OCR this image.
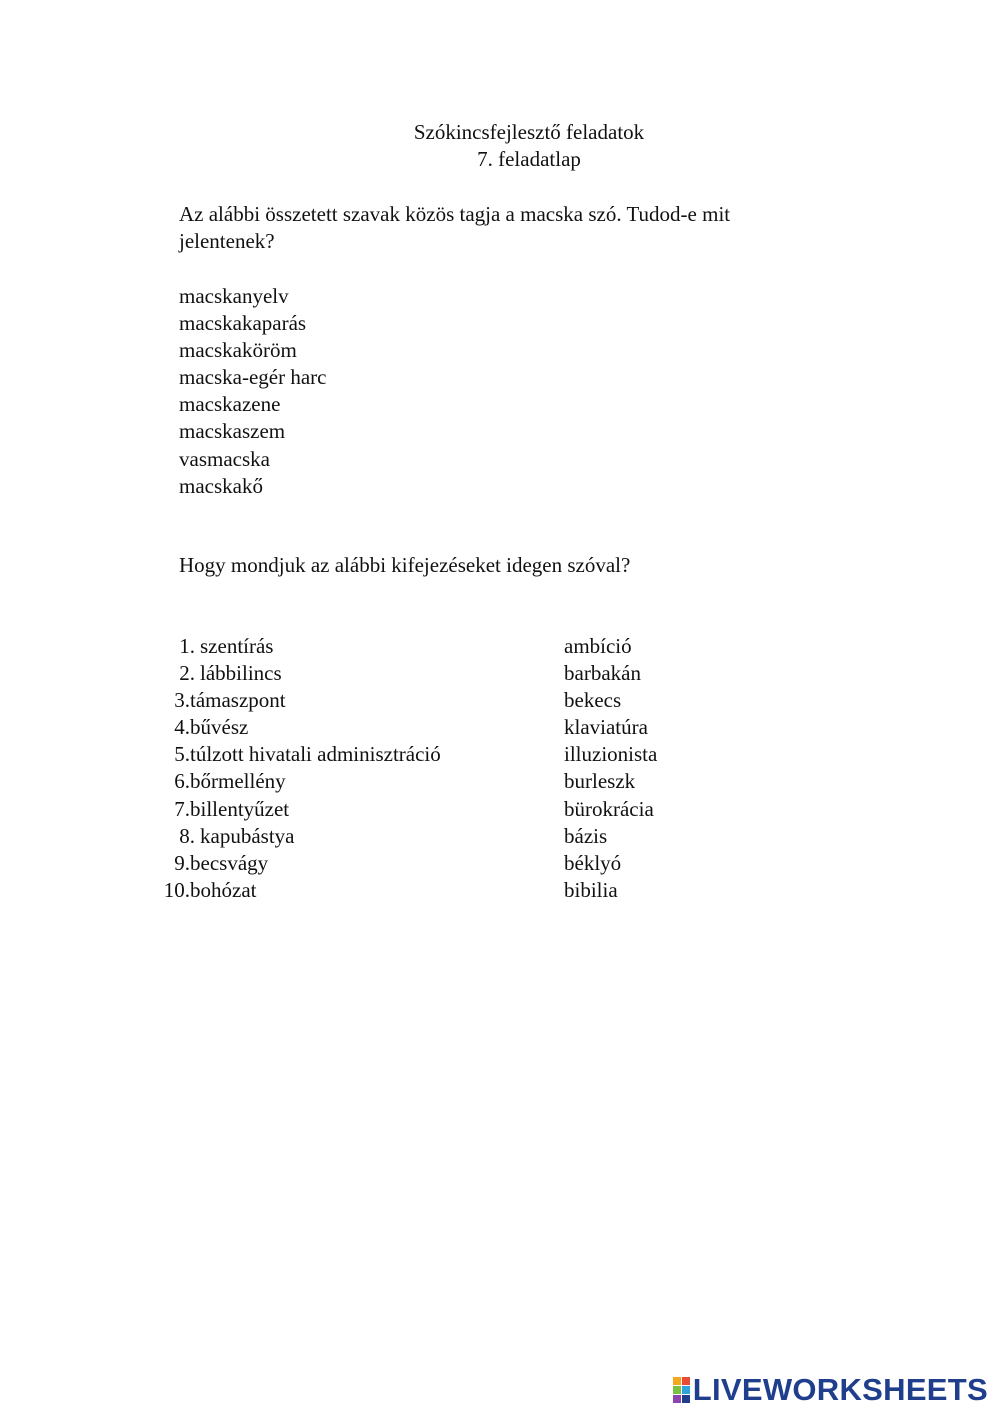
Szókincsfejlesztő feladatok
7. feladatlap
Az alábbi összetett szavak közös tagja a macska szó. Tudod-e mit jelentenek?
macskanyelv
macskakaparás
macskaköröm
macska-egér harc
macskazene
macskaszem
vasmacska
macskakő
Hogy mondjuk az alábbi kifejezéseket idegen szóval?
1. szentírás
2. lábbilincs
3. támaszpont
4. bűvész
5. túlzott hivatali adminisztráció
6. bőrmellény
7. billentyűzet
8. kapubástya
9. becsvágy
10. bohózat
ambíció
barbakán
bekecs
klaviatúra
illuzionista
burleszk
bürokrácia
bázis
béklyó
bibilia
LIVEWORKSHEETS
